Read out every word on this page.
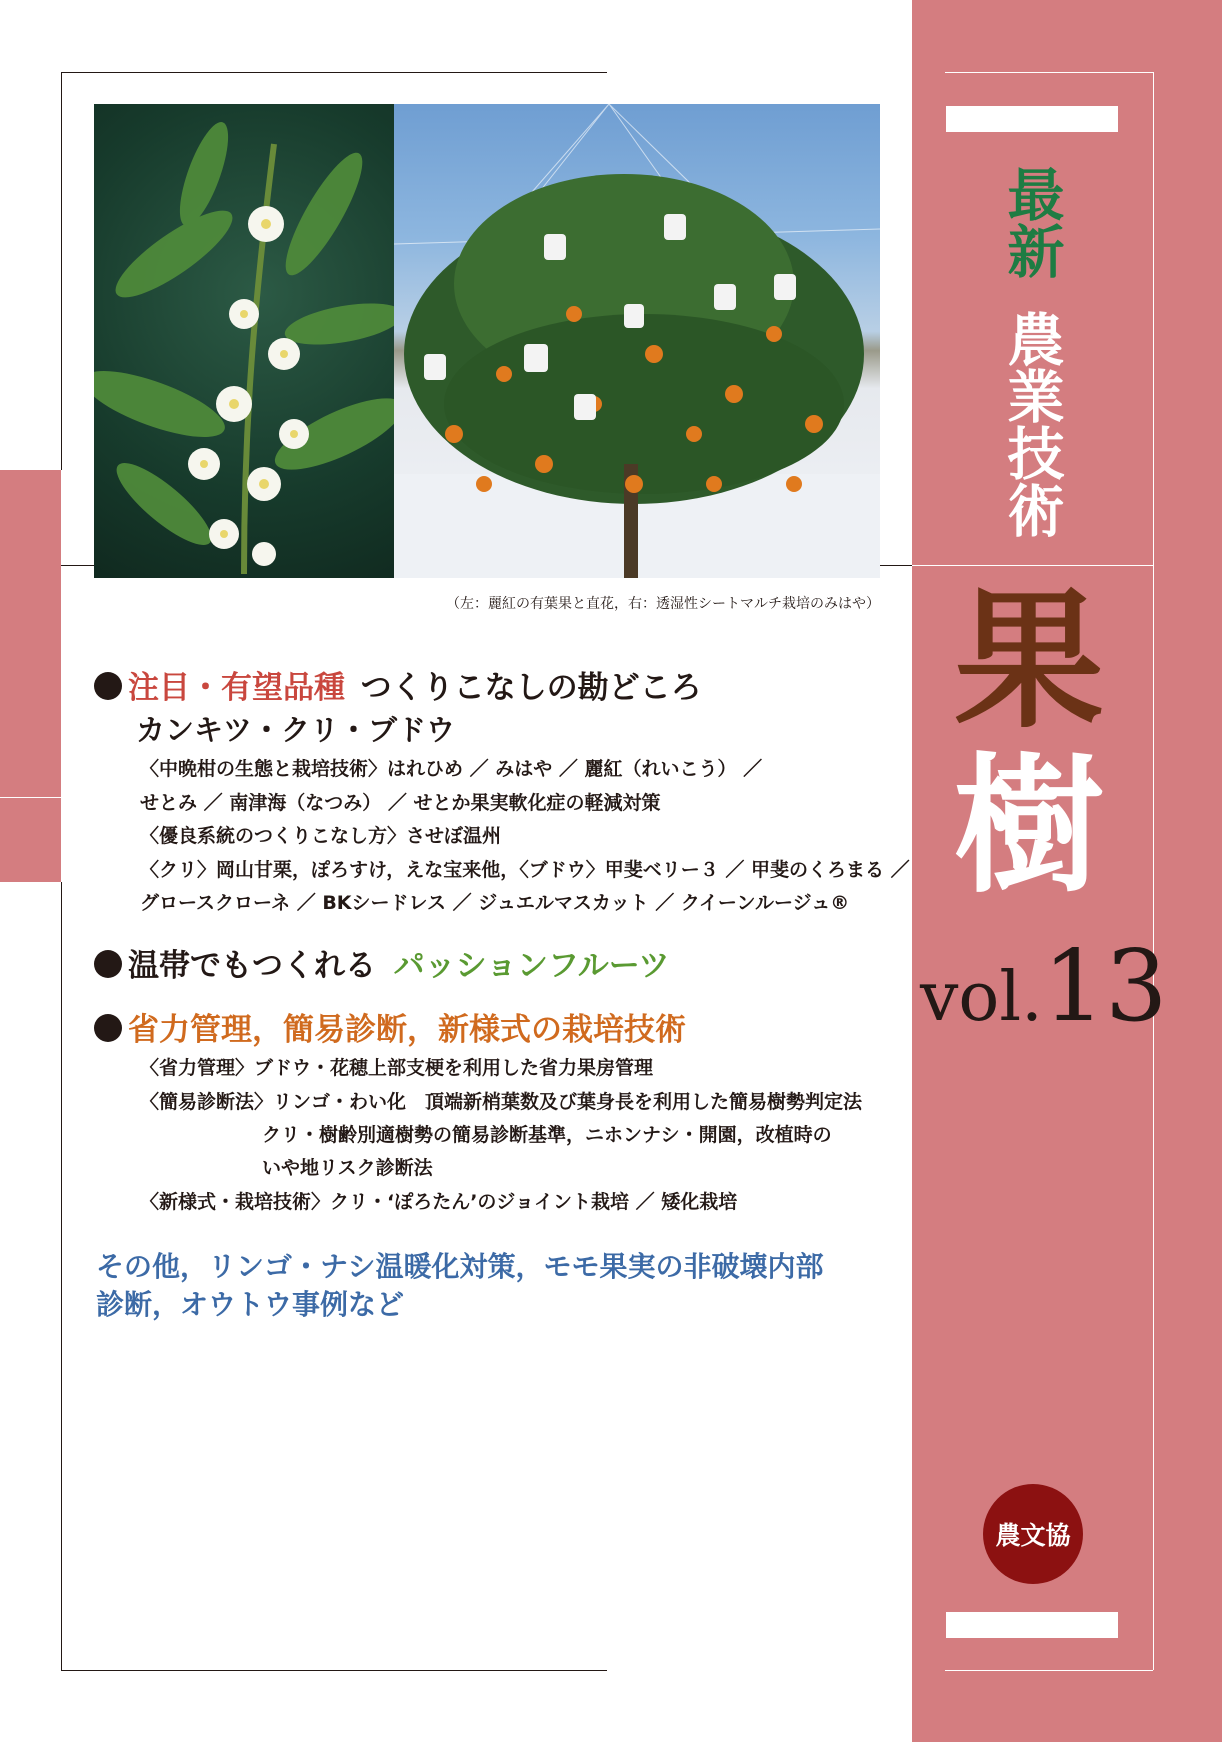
最新
農業技術
果
樹
vol.13
農文協
（左：麗紅の有葉果と直花，右：透湿性シートマルチ栽培のみはや）
注目・有望品種 つくりこなしの勘どころ
カンキツ・クリ・ブドウ
〈中晩柑の生態と栽培技術〉はれひめ ／ みはや ／ 麗紅（れいこう） ／
せとみ ／ 南津海（なつみ） ／ せとか果実軟化症の軽減対策
〈優良系統のつくりこなし方〉させぼ温州
〈クリ〉岡山甘栗，ぽろすけ，えな宝来他，〈ブドウ〉甲斐ベリー３ ／ 甲斐のくろまる ／
グロースクローネ ／ BKシードレス ／ ジュエルマスカット ／ クイーンルージュ®
温帯でもつくれる パッションフルーツ
省力管理，簡易診断，新様式の栽培技術
〈省力管理〉ブドウ・花穂上部支梗を利用した省力果房管理
〈簡易診断法〉リンゴ・わい化　頂端新梢葉数及び葉身長を利用した簡易樹勢判定法
クリ・樹齢別適樹勢の簡易診断基準，ニホンナシ・開園，改植時の
いや地リスク診断法
〈新様式・栽培技術〉クリ・‘ぽろたん’のジョイント栽培 ／ 矮化栽培
その他，リンゴ・ナシ温暖化対策，モモ果実の非破壊内部
診断，オウトウ事例など
